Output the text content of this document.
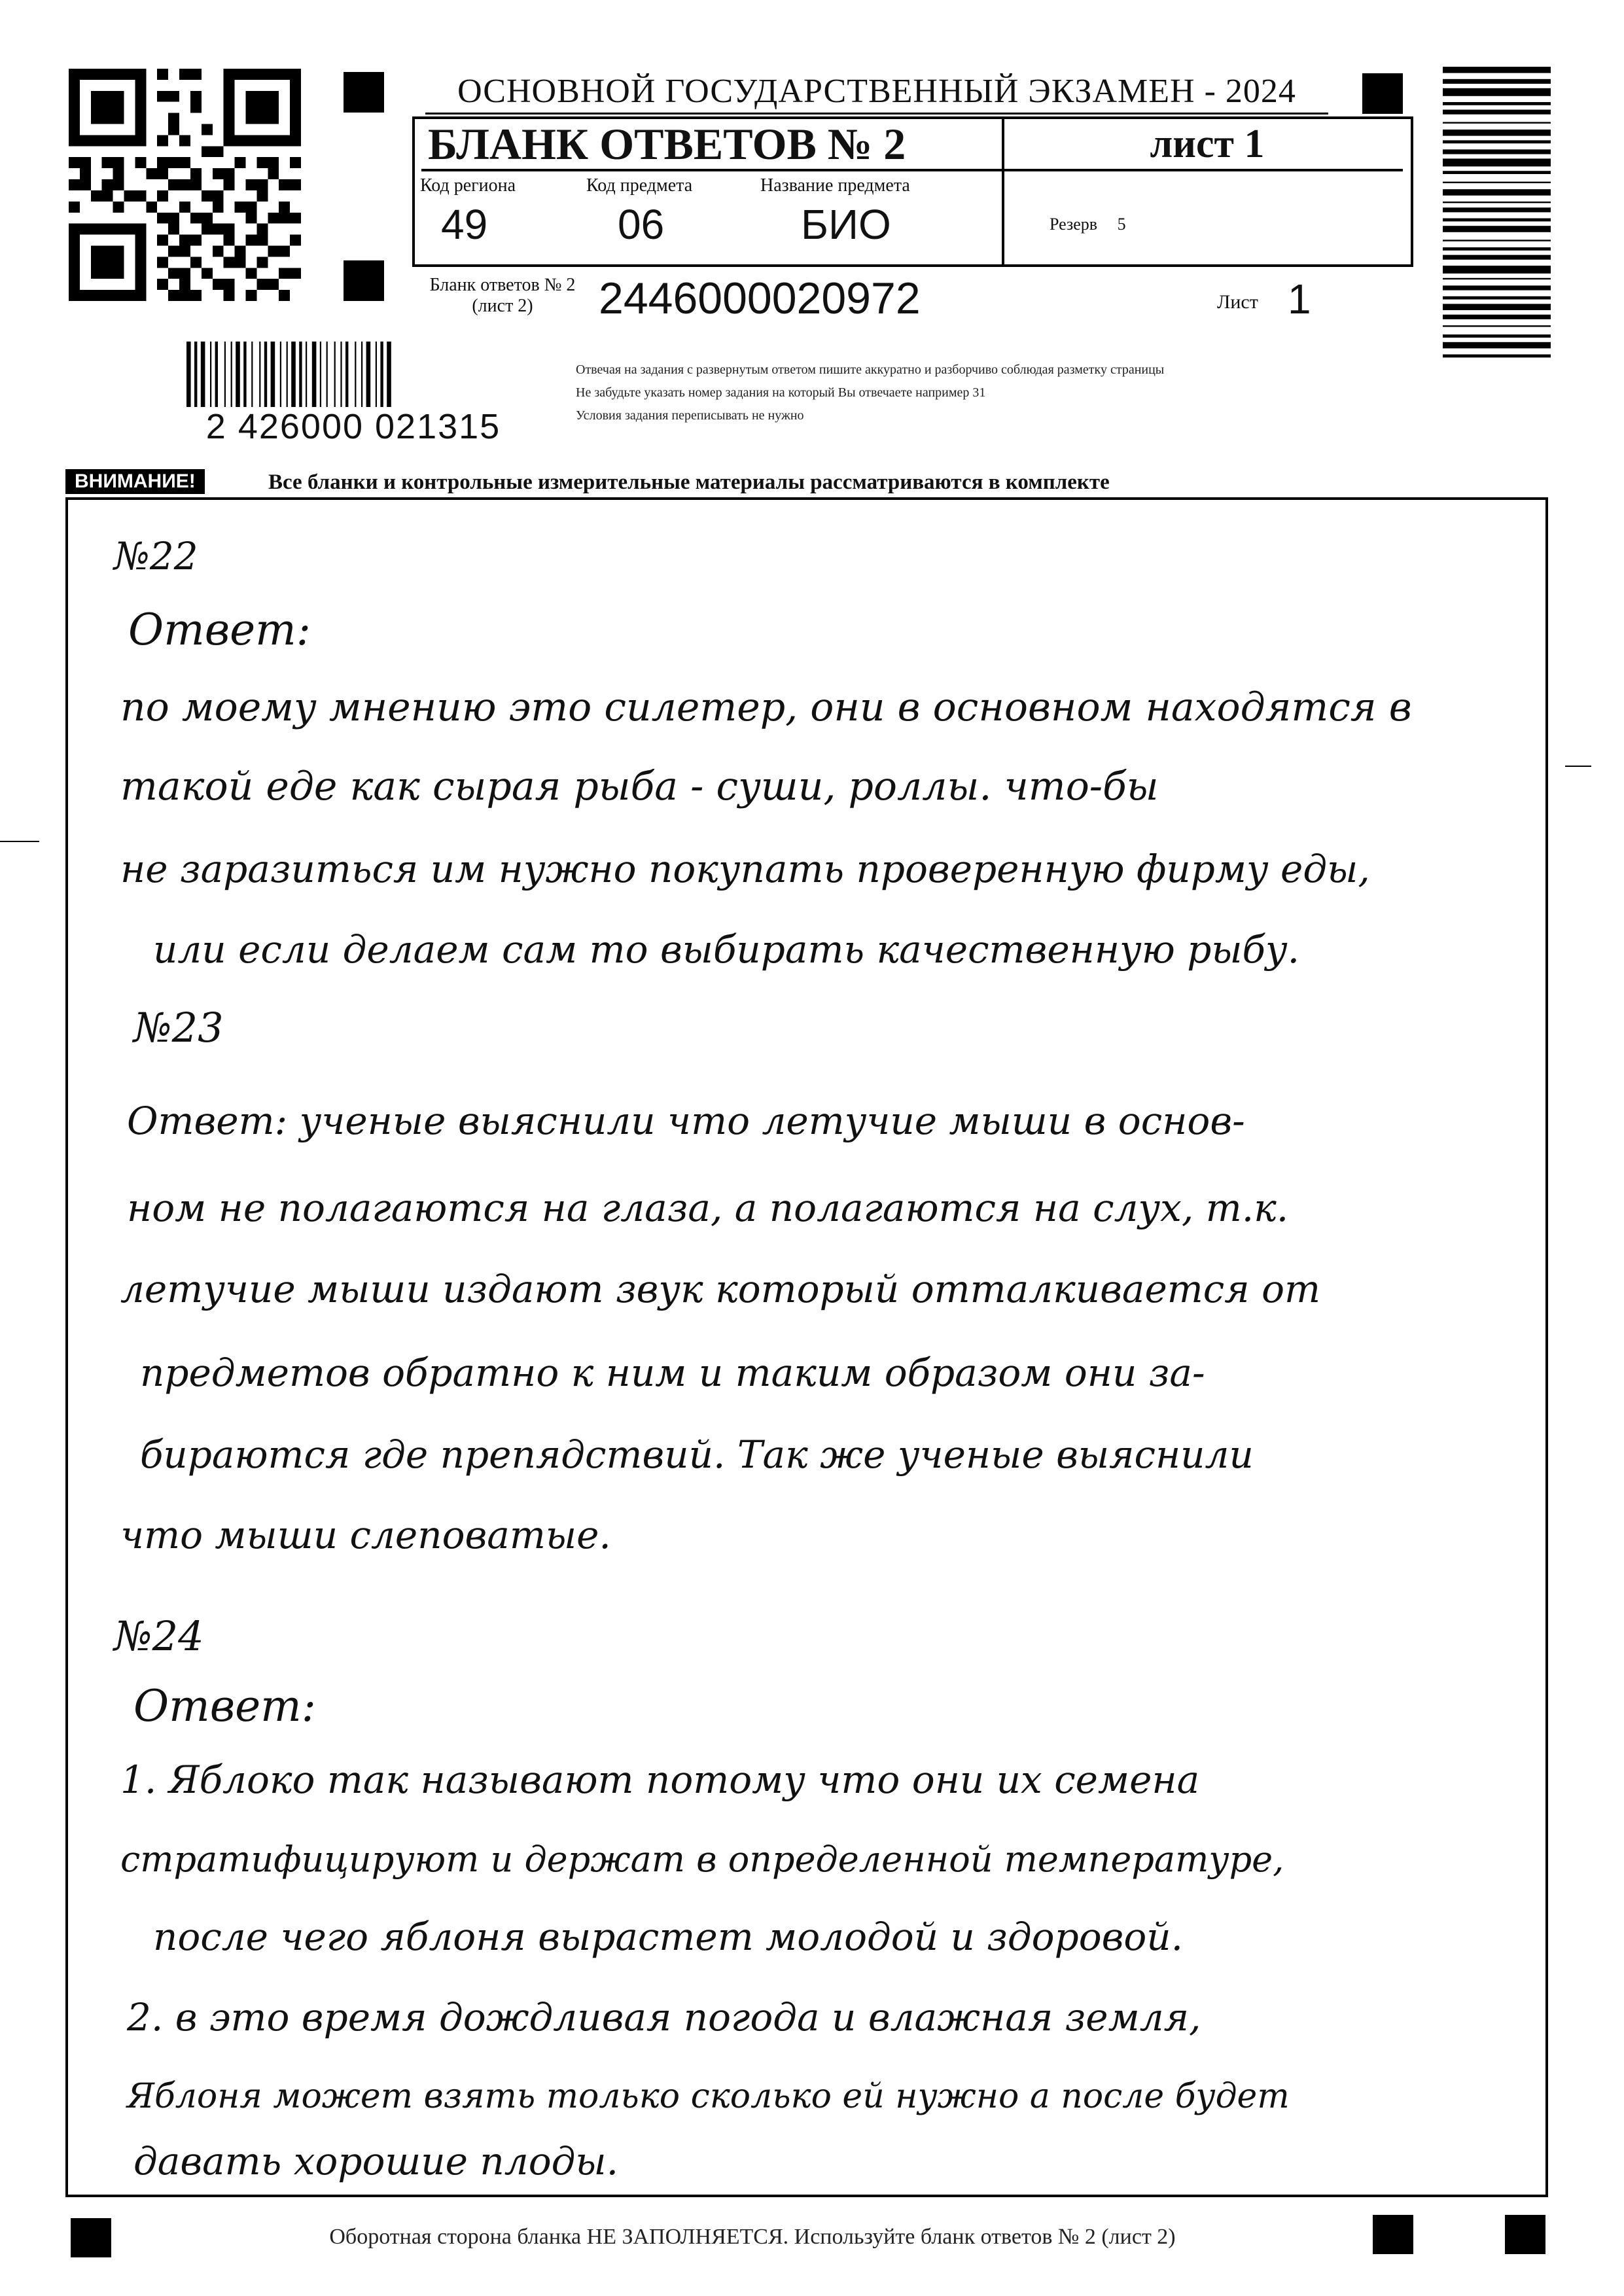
ОСНОВНОЙ ГОСУДАРСТВЕННЫЙ ЭКЗАМЕН - 2024
БЛАНК ОТВЕТОВ № 2	лист 1
Код региона
49
Код предмета
06
Название предмета
БИО	Резерв 5
Бланк ответов № 2
(лист 2)	2446000020972	Лист 1
2 426000 021315
Отвечая на задания с развернутым ответом пишите аккуратно и разборчиво соблюдая разметку страницы
Не забудьте указать номер задания на который Вы отвечаете например 31
Условия задания переписывать не нужно
ВНИМАНИЕ!	Все бланки и контрольные измерительные материалы рассматриваются в комплекте
№22
Ответ:
по моему мнению это силетер, они в основном находятся в
такой еде как сырая рыба - суши, роллы. что-бы
не заразиться им нужно покупать проверенную фирму еды,
или если делаем сам то выбирать качественную рыбу.
№23
Ответ: ученые выяснили что летучие мыши в основ-
ном не полагаются на глаза, а полагаются на слух, т.к.
летучие мыши издают звук который отталкивается от
предметов обратно к ним и таким образом они за-
бираются где препядствий. Так же ученые выяснили
что мыши слеповатые.
№24
Ответ:
1. Яблоко так называют потому что они их семена
стратифицируют и держат в определенной температуре,
после чего яблоня вырастет молодой и здоровой.
2. в это время дождливая погода и влажная земля,
Яблоня может взять только сколько ей нужно а после будет
давать хорошие плоды.
Оборотная сторона бланка НЕ ЗАПОЛНЯЕТСЯ. Используйте бланк ответов № 2 (лист 2)
